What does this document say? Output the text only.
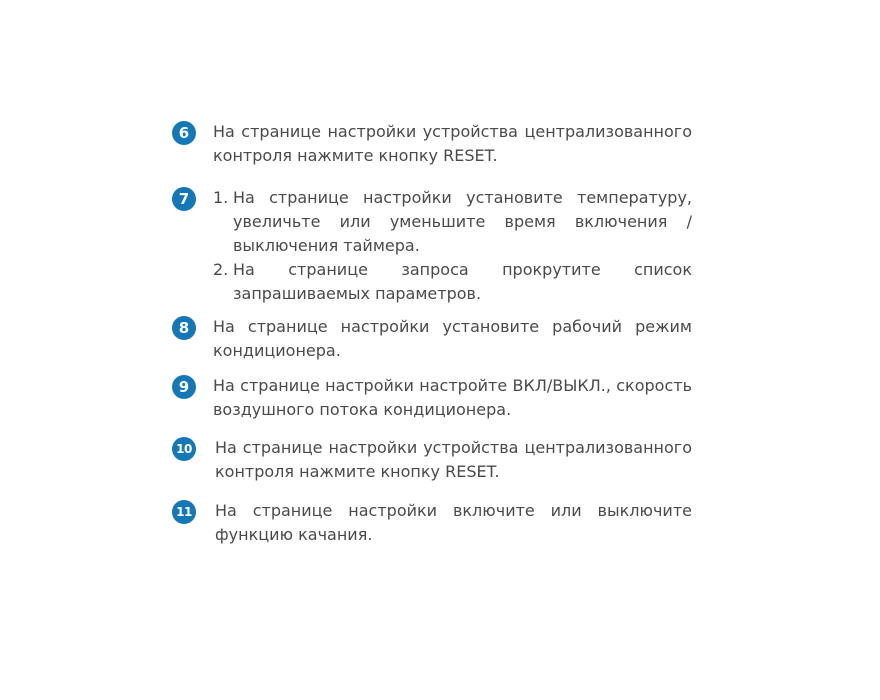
6	На странице настройки устройства централизованного контроля нажмите кнопку RESET.
7	1. На странице настройки установите температуру, увеличьте или уменьшите время включения / выключения таймера.
2. На странице запроса прокрутите список запрашиваемых параметров.
8	На странице настройки установите рабочий режим кондиционера.
9	На странице настройки настройте ВКЛ/ВЫКЛ., скорость воздушного потока кондиционера.
10 На странице настройки устройства централизованного контроля нажмите кнопку RESET.
11 На странице настройки включите или выключите функцию качания.
